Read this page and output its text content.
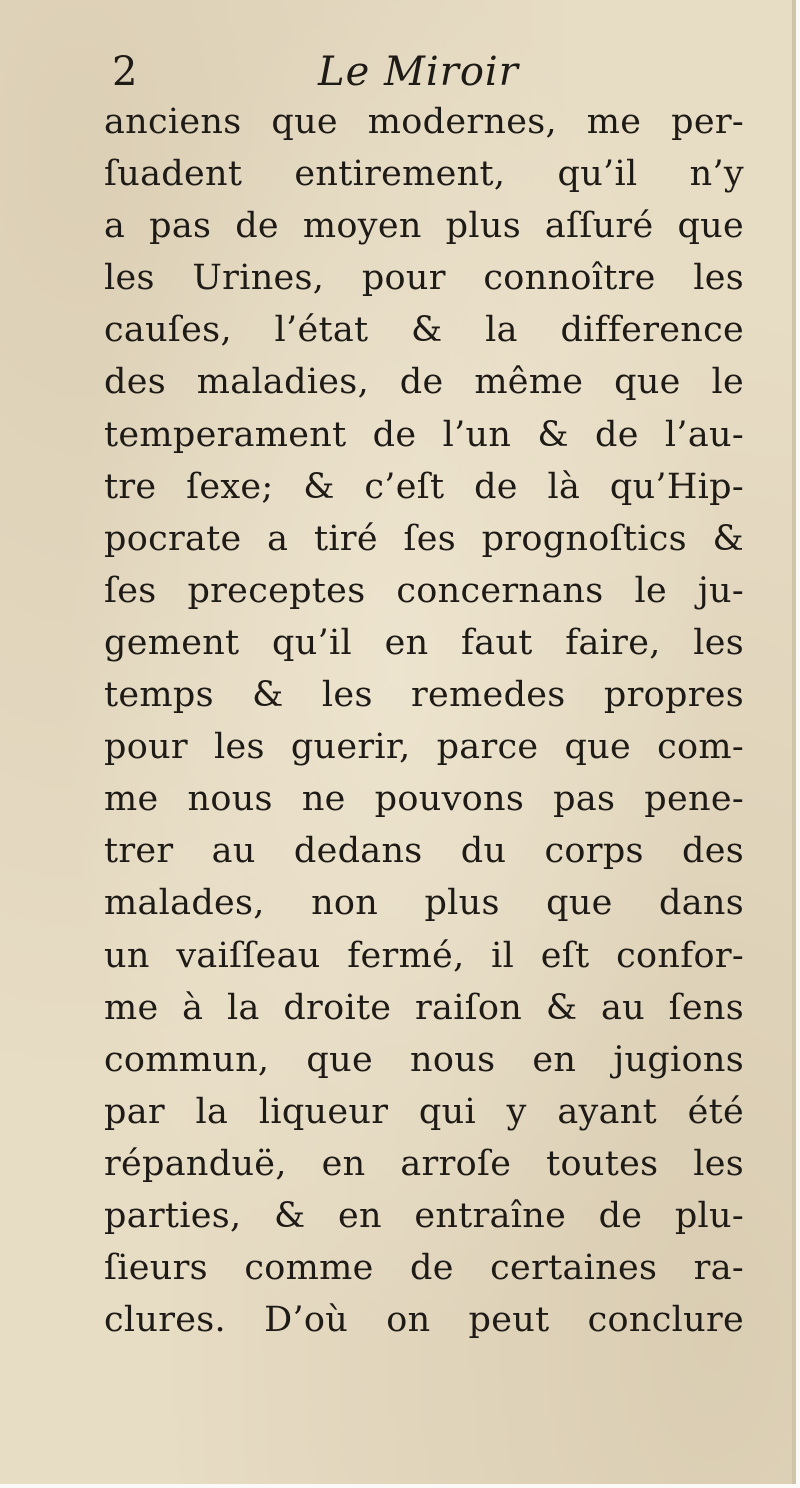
2	Le Miroir
anciens que modernes, me per-
ſuadent entirement, qu’il n’y
a pas de moyen plus aſſuré que
les Urines, pour connoître les
cauſes, l’état & la difference
des maladies, de même que le
temperament de l’un & de l’au-
tre ſexe; & c’eſt de là qu’Hip-
pocrate a tiré ſes prognoſtics &
ſes preceptes concernans le ju-
gement qu’il en faut faire, les
temps & les remedes propres
pour les guerir, parce que com-
me nous ne pouvons pas pene-
trer au dedans du corps des
malades, non plus que dans
un vaiſſeau fermé, il eſt confor-
me à la droite raiſon & au ſens
commun, que nous en jugions
par la liqueur qui y ayant été
répanduë, en arroſe toutes les
parties, & en entraîne de plu-
ſieurs comme de certaines ra-
clures. D’où on peut conclure
